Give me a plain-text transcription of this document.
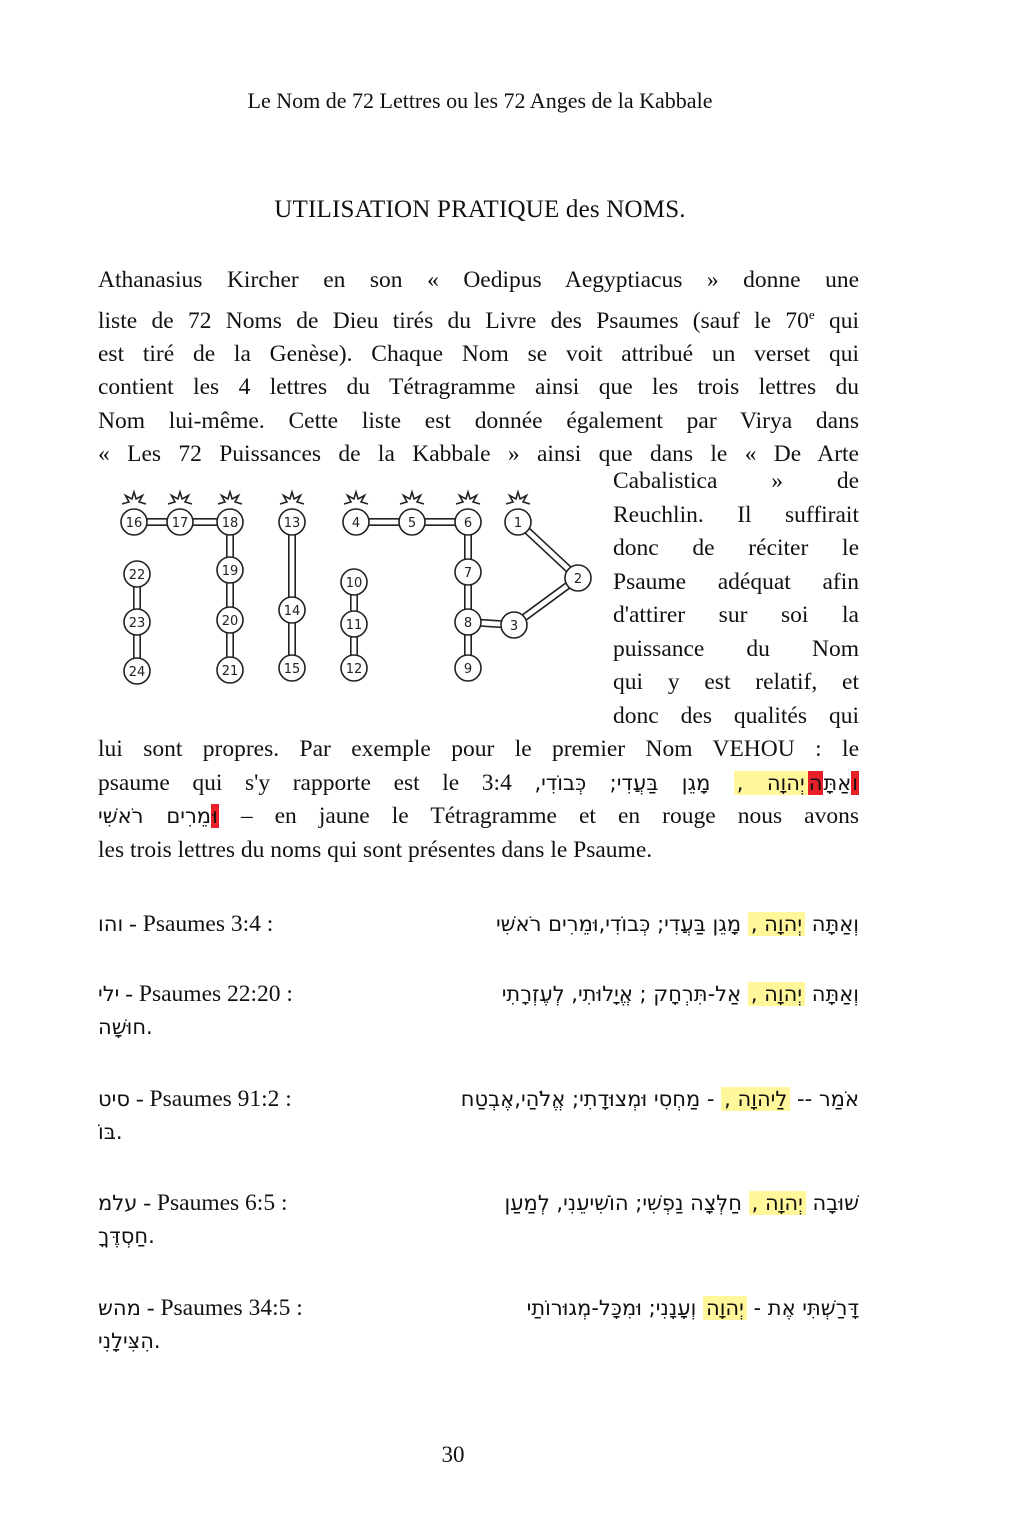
Le Nom de 72 Lettres ou les 72 Anges de la Kabbale
UTILISATION PRATIQUE des NOMS.
Athanasius Kircher en son « Oedipus Aegyptiacus » donne une
liste de 72 Noms de Dieu tirés du Livre des Psaumes (sauf le 70e qui
est tiré de la Genèse). Chaque Nom se voit attribué un verset qui
contient les 4 lettres du Tétragramme ainsi que les trois lettres du
Nom lui-même. Cette liste est donnée également par Virya dans
« Les 72 Puissances de la Kabbale » ainsi que dans le « De Arte
1
2
3
4	5	6
7
8
9
10
11
12
13
14
15
16 17	18
19
20
21
22
23
24
Cabalistica » de
Reuchlin. Il suffirait
donc de réciter le
Psaume adéquat afin
d'attirer sur soi la
puissance du Nom
qui y est relatif, et
donc des qualités qui
lui sont propres. Par exemple pour le premier Nom VEHOU : le
psaume qui s'y rapporte est le 3:4	ואַתָּהיְהוָה , מָגֵן בַּעֲדִי; כְּבוֹדִי,
וּמֵרִים רֹאשִׁי	– en jaune le Tétragramme et en rouge nous avons
les trois lettres du noms qui sont présentes dans le Psaume.
והו - Psaumes 3:4 :	וְאַתָּה יְהוָה , מָגֵן בַּעֲדִי; כְּבוֹדִי,וּמֵרִים רֹאשִׁי
ילי - Psaumes 22:20 :	וְאַתָּה יְהוָה , אַל-תִּרְחָק ; אֱיָלוּתִי, לְעֶזְרָתִי
חוּשָׁה.
סיט - Psaumes 91:2 :	אֹמַר -- לַיהוָה , - מַחְסִי וּמְצוּדָתִי; אֱלֹהַי,אֶבְטַח
בּוֹ.
עלמ - Psaumes 6:5 :	שׁוּבָה יְהוָה , חַלְּצָה נַפְשִׁי; הוֹשִׁיעֵנִי, לְמַעַן
חַסְדֶּךָ.
מהש - Psaumes 34:5 :	דָּרַשְׁתִּי אֶת - יְהוָה וְעָנָנִי; וּמִכָּל-מְגוּרוֹתַי
הִצִּילָנִי.
30
